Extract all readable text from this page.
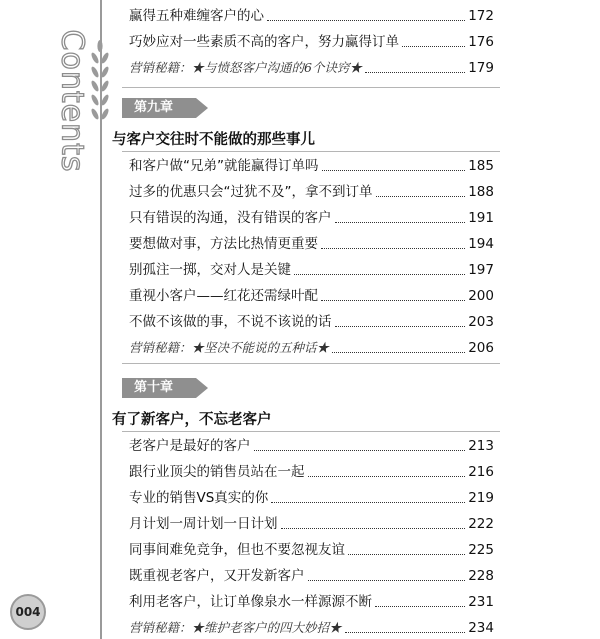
Contents
004
赢得五种难缠客户的心	172
巧妙应对一些素质不高的客户，努力赢得订单	176
营销秘籍：★与愤怒客户沟通的6个诀窍★	179
第九章
与客户交往时不能做的那些事儿
和客户做“兄弟”就能赢得订单吗	185
过多的优惠只会“过犹不及”，拿不到订单	188
只有错误的沟通，没有错误的客户	191
要想做对事，方法比热情更重要	194
别孤注一掷，交对人是关键	197
重视小客户——红花还需绿叶配	200
不做不该做的事，不说不该说的话	203
营销秘籍：★坚决不能说的五种话★	206
第十章
有了新客户，不忘老客户
老客户是最好的客户	213
跟行业顶尖的销售员站在一起	216
专业的销售VS真实的你	219
月计划一周计划一日计划	222
同事间难免竞争，但也不要忽视友谊	225
既重视老客户，又开发新客户	228
利用老客户，让订单像泉水一样源源不断	231
营销秘籍：★维护老客户的四大妙招★	234
